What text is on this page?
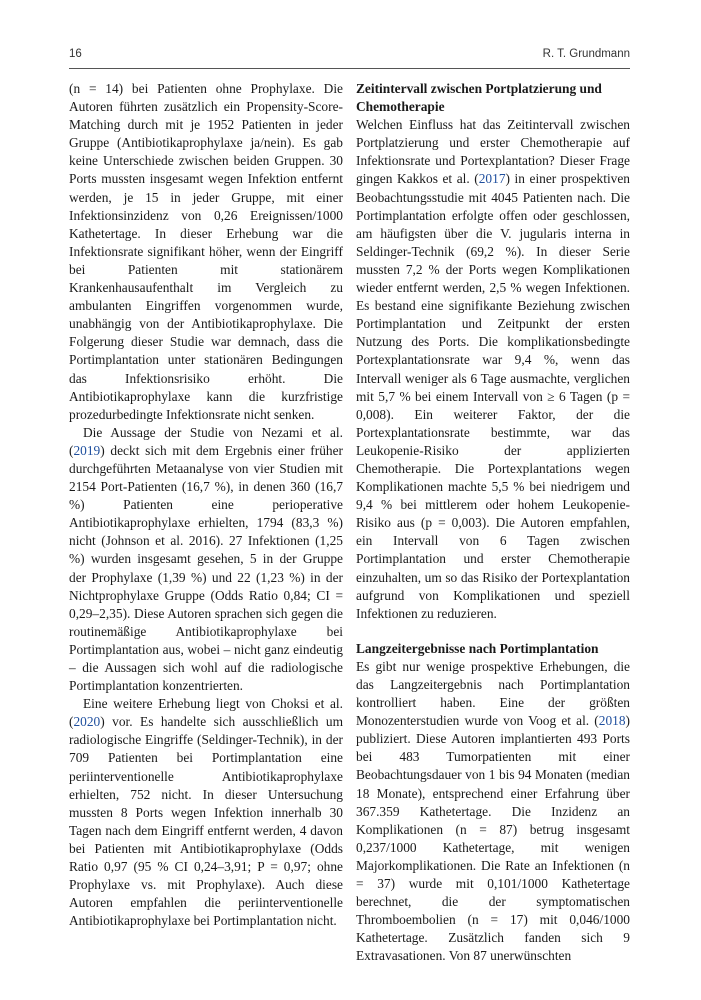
16	R. T. Grundmann

(n = 14) bei Patienten ohne Prophylaxe. Die Autoren führten zusätzlich ein Propensity-Score-Matching durch mit je 1952 Patienten in jeder Gruppe (Antibiotikaprophylaxe ja/nein). Es gab keine Unterschiede zwischen beiden Gruppen. 30 Ports mussten insgesamt wegen Infektion entfernt werden, je 15 in jeder Gruppe, mit einer Infektionsinzidenz von 0,26 Ereignissen/1000 Kathetertage. In dieser Erhebung war die Infektionsrate signifikant höher, wenn der Eingriff bei Patienten mit stationärem Krankenhausaufenthalt im Vergleich zu ambulanten Eingriffen vorgenommen wurde, unabhängig von der Antibiotikaprophylaxe. Die Folgerung dieser Studie war demnach, dass die Portimplantation unter stationären Bedingungen das Infektionsrisiko erhöht. Die Antibiotikaprophylaxe kann die kurzfristige prozedurbedingte Infektionsrate nicht senken.

Die Aussage der Studie von Nezami et al. (2019) deckt sich mit dem Ergebnis einer früher durchgeführten Metaanalyse von vier Studien mit 2154 Port-Patienten (16,7 %), in denen 360 (16,7 %) Patienten eine perioperative Antibiotikaprophylaxe erhielten, 1794 (83,3 %) nicht (Johnson et al. 2016). 27 Infektionen (1,25 %) wurden insgesamt gesehen, 5 in der Gruppe der Prophylaxe (1,39 %) und 22 (1,23 %) in der Nichtprophylaxe Gruppe (Odds Ratio 0,84; CI = 0,29–2,35). Diese Autoren sprachen sich gegen die routinemäßige Antibiotikaprophylaxe bei Portimplantation aus, wobei – nicht ganz eindeutig – die Aussagen sich wohl auf die radiologische Portimplantation konzentrierten.

Eine weitere Erhebung liegt von Choksi et al. (2020) vor. Es handelte sich ausschließlich um radiologische Eingriffe (Seldinger-Technik), in der 709 Patienten bei Portimplantation eine periinterventionelle Antibiotikaprophylaxe erhielten, 752 nicht. In dieser Untersuchung mussten 8 Ports wegen Infektion innerhalb 30 Tagen nach dem Eingriff entfernt werden, 4 davon bei Patienten mit Antibiotikaprophylaxe (Odds Ratio 0,97 (95 % CI 0,24–3,91; P = 0,97; ohne Prophylaxe vs. mit Prophylaxe). Auch diese Autoren empfahlen die periinterventionelle Antibiotikaprophylaxe bei Portimplantation nicht.

Zeitintervall zwischen Portplatzierung und Chemotherapie

Welchen Einfluss hat das Zeitintervall zwischen Portplatzierung und erster Chemotherapie auf Infektionsrate und Portexplantation? Dieser Frage gingen Kakkos et al. (2017) in einer prospektiven Beobachtungsstudie mit 4045 Patienten nach. Die Portimplantation erfolgte offen oder geschlossen, am häufigsten über die V. jugularis interna in Seldinger-Technik (69,2 %). In dieser Serie mussten 7,2 % der Ports wegen Komplikationen wieder entfernt werden, 2,5 % wegen Infektionen. Es bestand eine signifikante Beziehung zwischen Portimplantation und Zeitpunkt der ersten Nutzung des Ports. Die komplikationsbedingte Portexplantationsrate war 9,4 %, wenn das Intervall weniger als 6 Tage ausmachte, verglichen mit 5,7 % bei einem Intervall von ≥ 6 Tagen (p = 0,008). Ein weiterer Faktor, der die Portexplantationsrate bestimmte, war das Leukopenie-Risiko der applizierten Chemotherapie. Die Portexplantations wegen Komplikationen machte 5,5 % bei niedrigem und 9,4 % bei mittlerem oder hohem Leukopenie-Risiko aus (p = 0,003). Die Autoren empfahlen, ein Intervall von 6 Tagen zwischen Portimplantation und erster Chemotherapie einzuhalten, um so das Risiko der Portexplantation aufgrund von Komplikationen und speziell Infektionen zu reduzieren.

Langzeitergebnisse nach Portimplantation

Es gibt nur wenige prospektive Erhebungen, die das Langzeitergebnis nach Portimplantation kontrolliert haben. Eine der größten Monozenterstudien wurde von Voog et al. (2018) publiziert. Diese Autoren implantierten 493 Ports bei 483 Tumorpatienten mit einer Beobachtungsdauer von 1 bis 94 Monaten (median 18 Monate), entsprechend einer Erfahrung über 367.359 Kathetertage. Die Inzidenz an Komplikationen (n = 87) betrug insgesamt 0,237/1000 Kathetertage, mit wenigen Majorkomplikationen. Die Rate an Infektionen (n = 37) wurde mit 0,101/1000 Kathetertage berechnet, die der symptomatischen Thromboembolien (n = 17) mit 0,046/1000 Kathetertage. Zusätzlich fanden sich 9 Extravasationen. Von 87 unerwünschten
